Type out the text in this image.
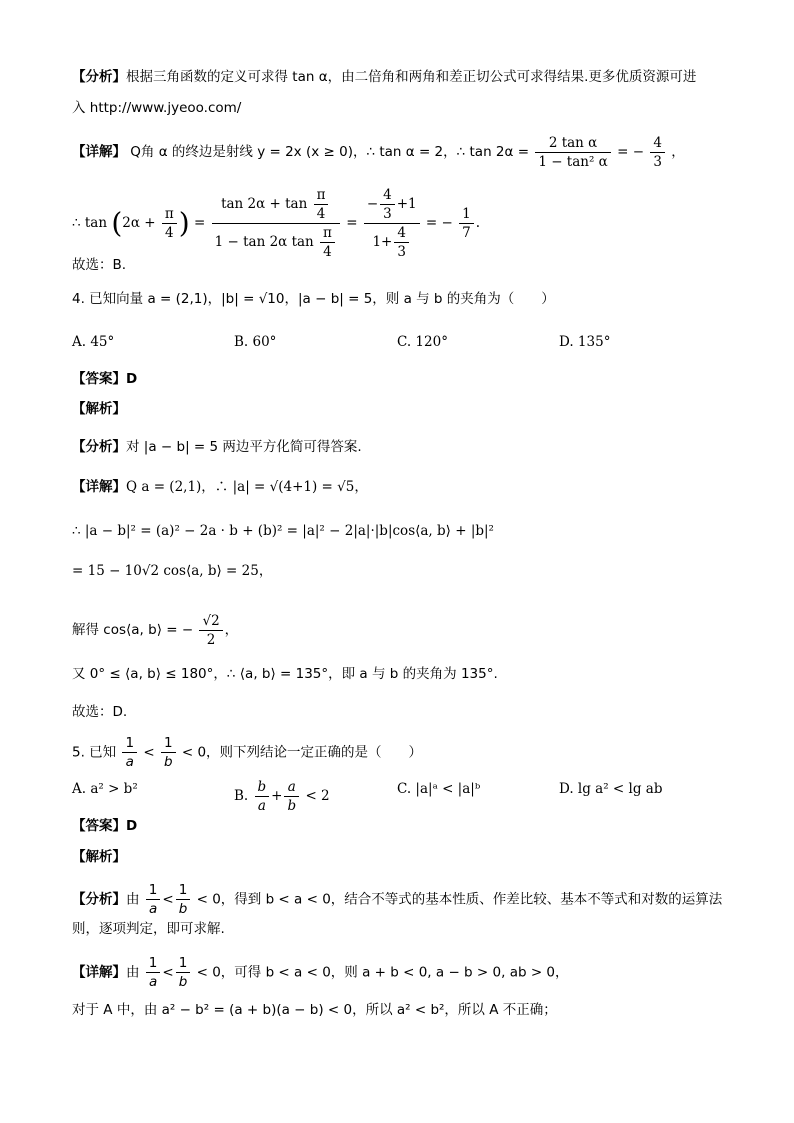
【分析】根据三角函数的定义可求得 tan α，由二倍角和两角和差正切公式可求得结果.更多优质资源可进
入 http://www.jyeoo.com/
【详解】 Q角 α 的终边是射线 y = 2x (x ≥ 0)，∴ tan α = 2，∴ $\tan 2\alpha = \frac{\text{2 tan α}}{\text{1 − tan² α}}$ = − $\frac{4}{3}$ ，
∴ $\tan (2\alpha + \frac{\pi}{4}$ ) = $\frac{\tan 2\alpha + \tan \frac{\pi}{4}}{1 - \tan 2\alpha \tan \frac{\pi}{4}} = \frac{- \frac{4}{3} +1}{1+ \frac{4}{3}}$ = − $\frac{1}{7}$ .
故选：B.
4. 已知向量 a = (2,1)，|b| = √10，|a − b| = 5，则 a 与 b 的夹角为（　　）
A. 45°	B. 60°	C. 120°	D. 135°
【答案】D
【解析】
【分析】对 |a − b| = 5 两边平方化简可得答案.
【详解】Q a = (2,1)，∴ |a| = √(4+1) = √5，
∴ |a − b|² = (a)² − 2a · b + (b)² = |a|² − 2|a|·|b|cos⟨a, b⟩ + |b|²
= 15 − 10√2 cos⟨a, b⟩ = 25，
解得 cos⟨a, b⟩ = − $\frac{√2}{2}$ ，
又 0° ≤ ⟨a, b⟩ ≤ 180°，∴ ⟨a, b⟩ = 135°，即 a 与 b 的夹角为 135°.
故选：D.
5. 已知 $\frac{1}{a} < \frac{1}{b} < 0$，则下列结论一定正确的是（　　）
A. a² > b²	B. $\frac{b}{a} + \frac{a}{b} < 2$	C. |a|ᵃ < |a|ᵇ	D. lg a² < lg ab
【答案】D
【解析】
【分析】由 $\frac{1}{a} < \frac{1}{b} < 0$，得到 b < a < 0，结合不等式的基本性质、作差比较、基本不等式和对数的运算法
则，逐项判定，即可求解.
【详解】由 $\frac{1}{a} < \frac{1}{b} < 0$，可得 b < a < 0，则 a + b < 0, a − b > 0, ab > 0，
对于 A 中，由 a² − b² = (a + b)(a − b) < 0，所以 a² < b²，所以 A 不正确；
